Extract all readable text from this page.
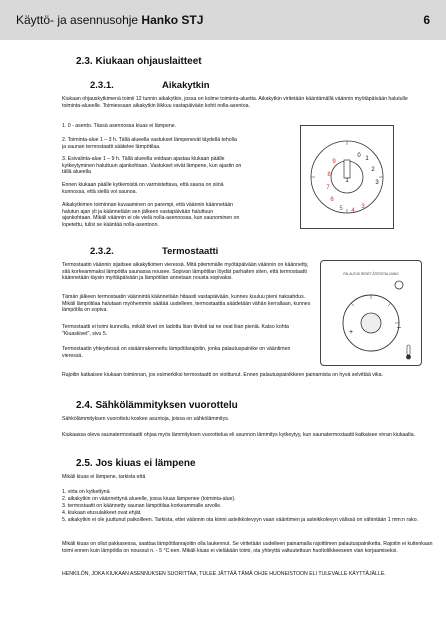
Käyttö- ja asennusohje Hanko STJ	6
2.3. Kiukaan ohjauslaitteet
2.3.1.	Aikakytkin
Kiukaan ohjauskytkimenä toimii 12 tunnin aikakytkin, jossa on kolme toiminta-aluetta. Aikakytkin viritetään kääntämällä väännin myötäpäivään halutulle toiminta-alueelle. Toimiessaan aikakytkin liikkuu vastapäivään kohti nolla-asentoa.
1. 0 - asento. Tässä asennossa kiuas ei lämpene.
2. Toiminta-alue 1 – 3 h. Tällä alueella vastukset lämpenevät täydellä teholla ja saunan termostaatti säätelee lämpötilaa.
3. Esivalinta-alue 1 – 9 h. Tällä alueella voidaan ajastaa kiukaan päälle kytkeytyminen haluttuun ajankohtaan. Vastukset eivät lämpene, kun ajastin on tällä alueella
Ennen kiukaan päälle kytkemistä on varmistettava, että sauna on siinä kunnossa, että siellä voi saunoa.
Aikakytkimen toiminnan kuvaaminen on parempi, että väännin käännetään halutun ajan yli ja käännetään sen jälkeen vastapäivään haluttuun ajankohtaan. Mikäli väännin ei ole vielä nolla-asennossa, kun saunominen on lopetettu, tulisi se kääntää nolla-asentoon.
1
9
8
7
6
5 4
3
0 1
2
3
2.3.2.	Termostaatti
Termostaatin väännin sijaitsee aikakytkimen vieressä. Mitä pitemmälle myötäpäivään väännin on käännetty, sitä korkeammaksi lämpötila saunassa nousee. Sopivan lämpötilan löydät parhaiten siten, että termostaatti käännetään täysin myötäpäivään ja lämpötilan annetaan nousta sopivaksi.
Tämän jälkeen termostaatin väännintä käännetään hitaasti vastapäivään, kunnes kuuluu pieni naksahdus. Mikäli lämpötilaa halutaan myöhemmin säätää uudelleen, termostaattia säädetään vähän kerrallaan, kunnes lämpötila on sopiva.
Termostaatti ei toimi kunnolla, mikäli kivet on ladottu liian tiiviisti tai ne ovat liian pieniä. Katso kohta "Kiuaskivet", sivu 5.
Termostaatin yhteydessä on sisäänrakennettu lämpötilarajoitin, jonka palautuspainike on vääntimen vieressä.
Rajoitin katkaisee kiukaan toiminnan, jos esimerkiksi termostaatti on vioittunut. Ennen palautuspainikkeen painamista on hyvä selvittää vika.
PALAUTUS RESET ÅTERSTÄLLNING
+
–
2.4. Sähkölämmityksen vuorottelu
Sähkölämmityksen vuorottelu koskee asuntoja, joissa on sähkölämmitys.
Kiukaassa oleva saunatermostaatti ohjaa myös lämmityksen vuorottelua eli asunnon lämmitys kytkeytyy, kun saunatermostaatti katkaisee virran kiukaalta.
2.5. Jos kiuas ei lämpene
Mikäli kiuas ei lämpene, tarkista että
1. virta on kytkettynä
2. aikakytkin on väännettynä alueelle, jossa kiuas lämpenee (toiminta-alue).
3. termostaatti on käännetty saunan lämpötilaa korkeammalle arvolle.
4. kiukaan etusulakkeet ovat ehjät.
5. aikakytkin ei ole juuttunut paikoilleen. Tarkista, ettei väännin ota kiinni asteikkolevyyn vaan vääntimen ja asteikkolevyn välissä on vähintään 1 mm:n rako.
Mikäli kiuas on ollut pakkasessa, saattaa lämpötilanrajoitin olla laukennut. Se viritetään uudelleen painamalla rajoittimen palautuspainiketta. Rajoitin ei kuitenkaan toimi ennen kuin lämpötila on noussut n. - 5 °C:een. Mikäli kiuas ei vieläkään toimi, ota yhteyttä valtuutettuun huoltoliikkeeseen vian korjaamiseksi.
HENKILÖN, JOKA KIUKAAN ASENNUKSEN SUORITTAA, TULEE JÄTTÄÄ TÄMÄ OHJE HUONEISTOON ELI TULEVALLE KÄYTTÄJÄLLE.
